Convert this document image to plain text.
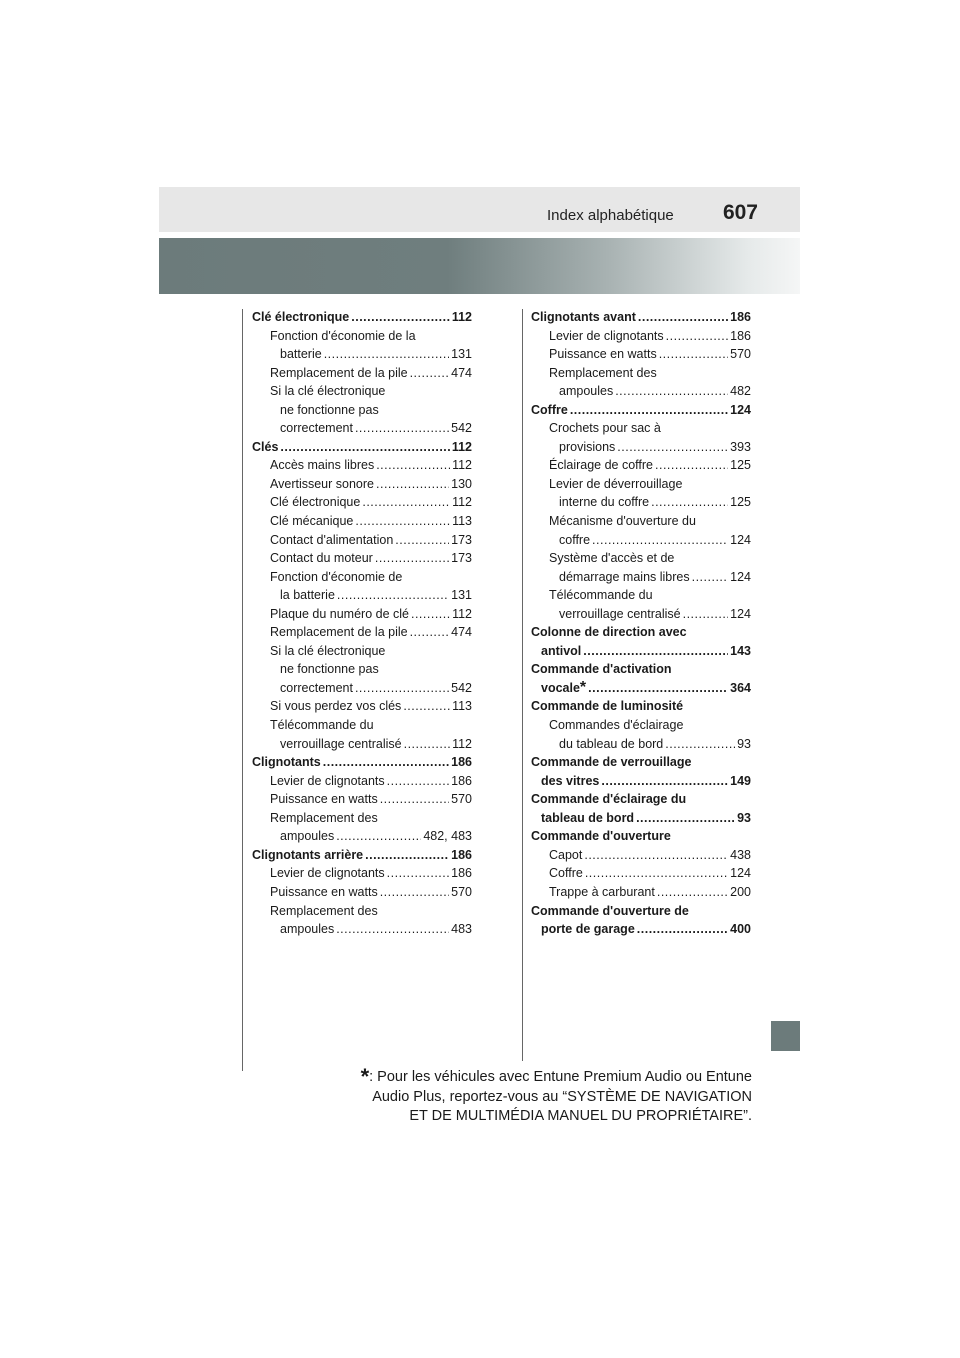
Index alphabétique 607
Clé électronique .....	112
Fonction d'économie de la
batterie .....	131
Remplacement de la pile .....	474
Si la clé électronique
ne fonctionne pas
correctement .....	542
Clés .....	112
Accès mains libres .....	112
Avertisseur sonore .....	130
Clé électronique .....	112
Clé mécanique .....	113
Contact d'alimentation .....	173
Contact du moteur .....	173
Fonction d'économie de
la batterie .....	131
Plaque du numéro de clé .....	112
Remplacement de la pile .....	474
Si la clé électronique
ne fonctionne pas
correctement .....	542
Si vous perdez vos clés .....	113
Télécommande du
verrouillage centralisé .....	112
Clignotants .....	186
Levier de clignotants .....	186
Puissance en watts .....	570
Remplacement des
ampoules .....	482, 483
Clignotants arrière .....	186
Levier de clignotants .....	186
Puissance en watts .....	570
Remplacement des
ampoules .....	483
Clignotants avant .....	186
Levier de clignotants .....	186
Puissance en watts .....	570
Remplacement des
ampoules .....	482
Coffre .....	124
Crochets pour sac à
provisions .....	393
Éclairage de coffre .....	125
Levier de déverrouillage
interne du coffre .....	125
Mécanisme d'ouverture du
coffre .....	124
Système d'accès et de
démarrage mains libres .....	124
Télécommande du
verrouillage centralisé .....	124
Colonne de direction avec
antivol .....	143
Commande d'activation
vocale * .....	364
Commande de luminosité
Commandes d'éclairage
du tableau de bord .....	93
Commande de verrouillage
des vitres .....	149
Commande d'éclairage du
tableau de bord .....	93
Commande d'ouverture
Capot .....	438
Coffre .....	124
Trappe à carburant .....	200
Commande d'ouverture de
porte de garage .....	400
*: Pour les véhicules avec Entune Premium Audio ou Entune
Audio Plus, reportez-vous au “SYSTÈME DE NAVIGATION
ET DE MULTIMÉDIA MANUEL DU PROPRIÉTAIRE”.
